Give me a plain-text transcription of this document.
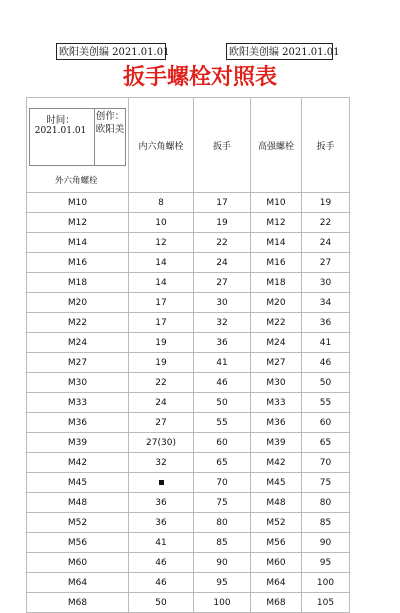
欧阳美创编 2021.01.01	欧阳美创编 2021.01.01
扳手螺栓对照表
时间：
2021.01.01
创作：欧阳美
外六角螺栓	内六角螺栓	扳手	高强螺栓	扳手
M10	8	17	M10	19
M12	10	19	M12	22
M14	12	22	M14	24
M16	14	24	M16	27
M18	14	27	M18	30
M20	17	30	M20	34
M22	17	32	M22	36
M24	19	36	M24	41
M27	19	41	M27	46
M30	22	46	M30	50
M33	24	50	M33	55
M36	27	55	M36	60
M39	27(30)	60	M39	65
M42	32	65	M42	70
M45		70	M45	75
M48	36	75	M48	80
M52	36	80	M52	85
M56	41	85	M56	90
M60	46	90	M60	95
M64	46	95	M64	100
M68	50	100	M68	105
